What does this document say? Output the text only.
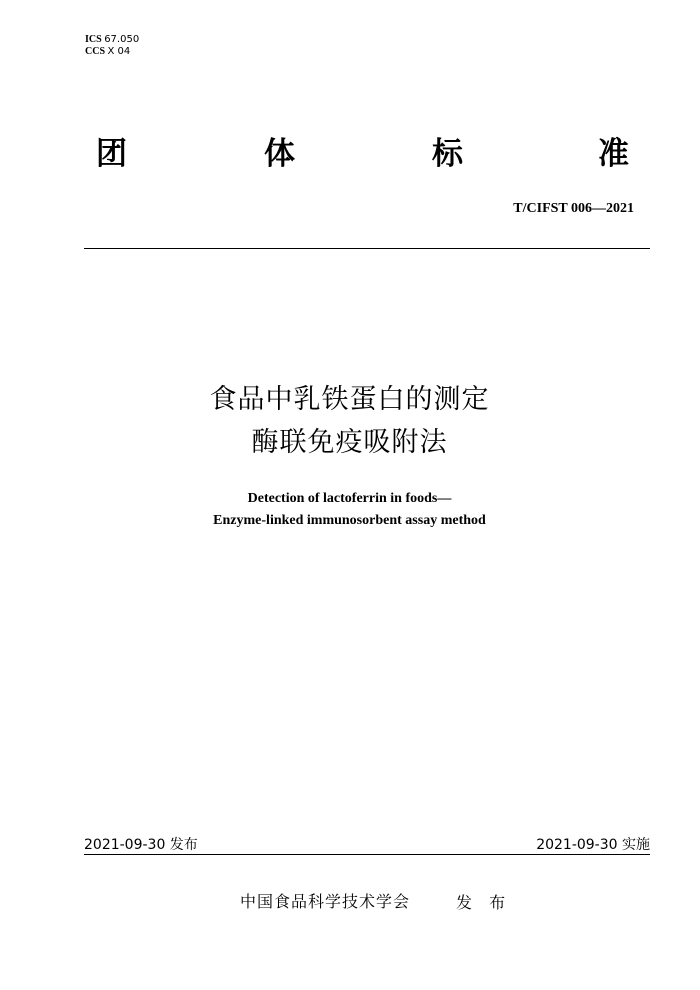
ICS 67.050
CCS X 04
团	体	标	准
T/CIFST 006—2021
食品中乳铁蛋白的测定
酶联免疫吸附法
Detection of lactoferrin in foods—
Enzyme-linked immunosorbent assay method
2021-09-30 发布	2021-09-30 实施
中国食品科学技术学会	发 布
